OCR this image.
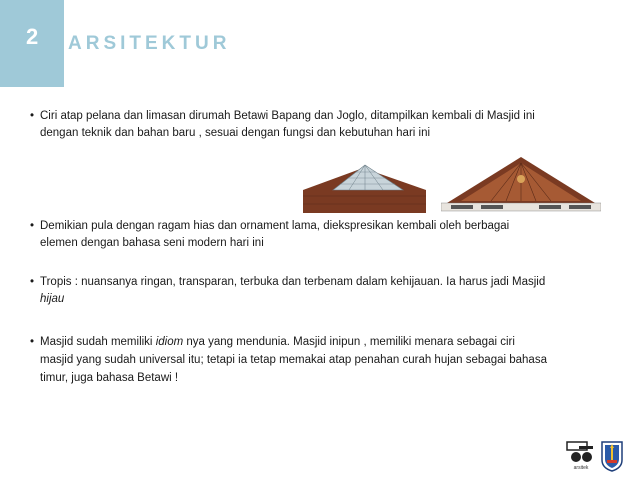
2 ARSITEKTUR
• Ciri atap pelana dan limasan dirumah Betawi Bapang dan Joglo, ditampilkan kembali di Masjid ini
dengan teknik dan bahan baru , sesuai dengan fungsi dan kebutuhan hari ini
• Demikian pula dengan ragam hias dan ornament lama, diekspresikan kembali oleh berbagai
elemen dengan bahasa seni modern hari ini
• Tropis : nuansanya ringan, transparan, terbuka dan terbenam dalam kehijauan. Ia harus jadi Masjid
hijau
• Masjid sudah memiliki idiom nya yang mendunia. Masjid inipun , memiliki menara sebagai ciri
masjid yang sudah universal itu; tetapi ia tetap memakai atap penahan curah hujan sebagai bahasa
timur, juga bahasa Betawi !
arsitek
